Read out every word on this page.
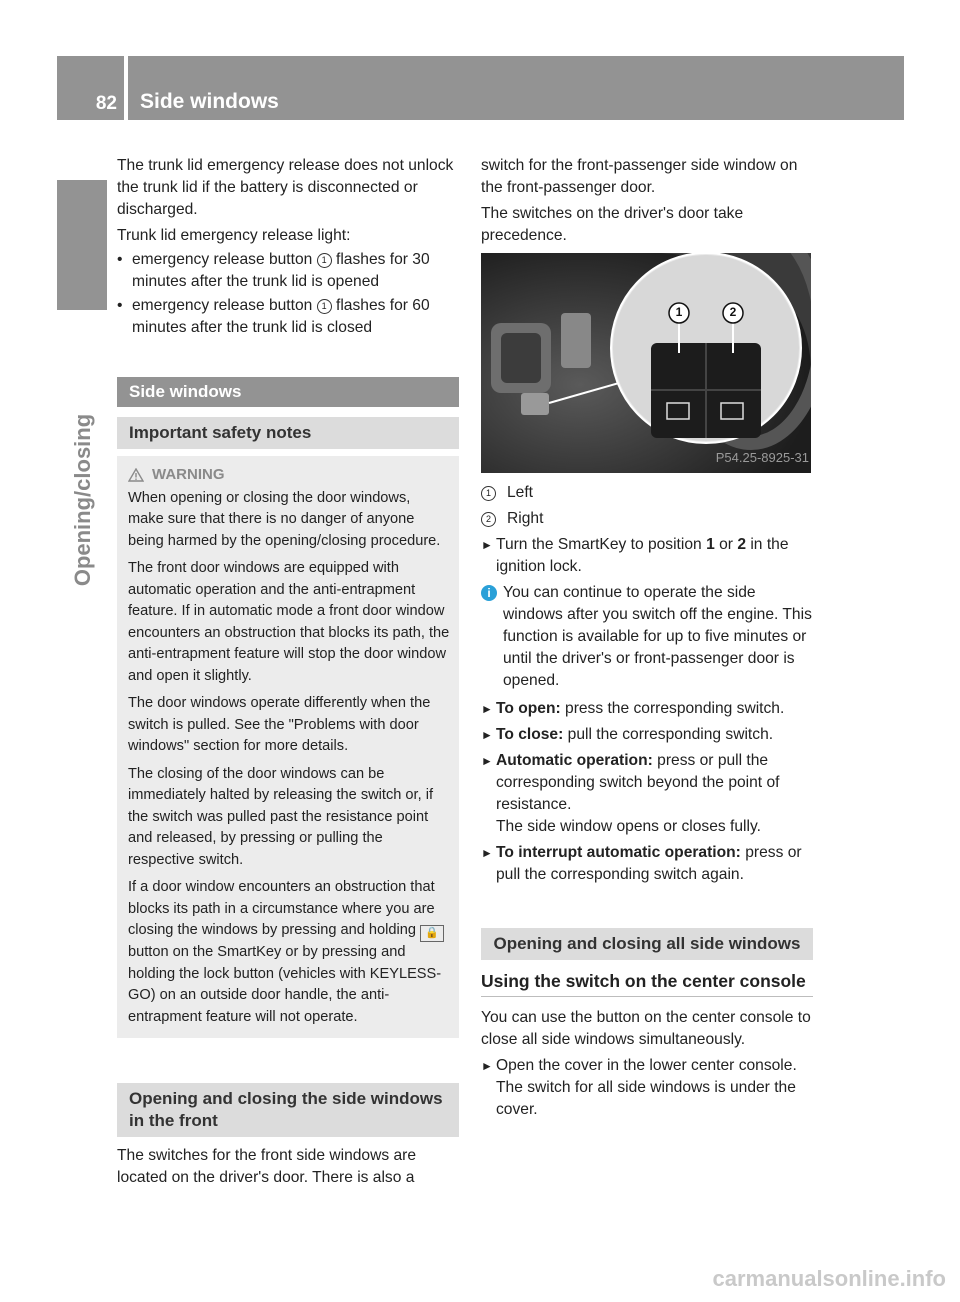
82 Side windows
Opening/closing

The trunk lid emergency release does not unlock the trunk lid if the battery is disconnected or discharged.

Trunk lid emergency release light:

• emergency release button 1 flashes for 30 minutes after the trunk lid is opened
• emergency release button 1 flashes for 60 minutes after the trunk lid is closed
Side windows
Important safety notes
WARNING

When opening or closing the door windows, make sure that there is no danger of anyone being harmed by the opening/closing procedure.

The front door windows are equipped with automatic operation and the anti-entrapment feature. If in automatic mode a front door window encounters an obstruction that blocks its path, the anti-entrapment feature will stop the door window and open it slightly.

The door windows operate differently when the switch is pulled. See the "Problems with door windows" section for more details.

The closing of the door windows can be immediately halted by releasing the switch or, if the switch was pulled past the resistance point and released, by pressing or pulling the respective switch.

If a door window encounters an obstruction that blocks its path in a circumstance where you are closing the windows by pressing and holding 🔒 button on the SmartKey or by pressing and holding the lock button (vehicles with KEYLESS-GO) on an outside door handle, the anti-entrapment feature will not operate.

Opening and closing the side windows in the front

The switches for the front side windows are located on the driver's door. There is also a

switch for the front-passenger side window on the front-passenger door.

The switches on the driver's door take precedence.

1	2
P54.25-8925-31
1	Left
2	Right
► Turn the SmartKey to position 1 or 2 in the ignition lock.
i You can continue to operate the side windows after you switch off the engine. This function is available for up to five minutes or until the driver's or front-passenger door is opened.
► To open: press the corresponding switch.
► To close: pull the corresponding switch.
► Automatic operation: press or pull the corresponding switch beyond the point of resistance.
The side window opens or closes fully.
► To interrupt automatic operation: press or pull the corresponding switch again.
Opening and closing all side windows
Using the switch on the center console

You can use the button on the center console to close all side windows simultaneously.

► Open the cover in the lower center console. The switch for all side windows is under the cover.
carmanualsonline.info
